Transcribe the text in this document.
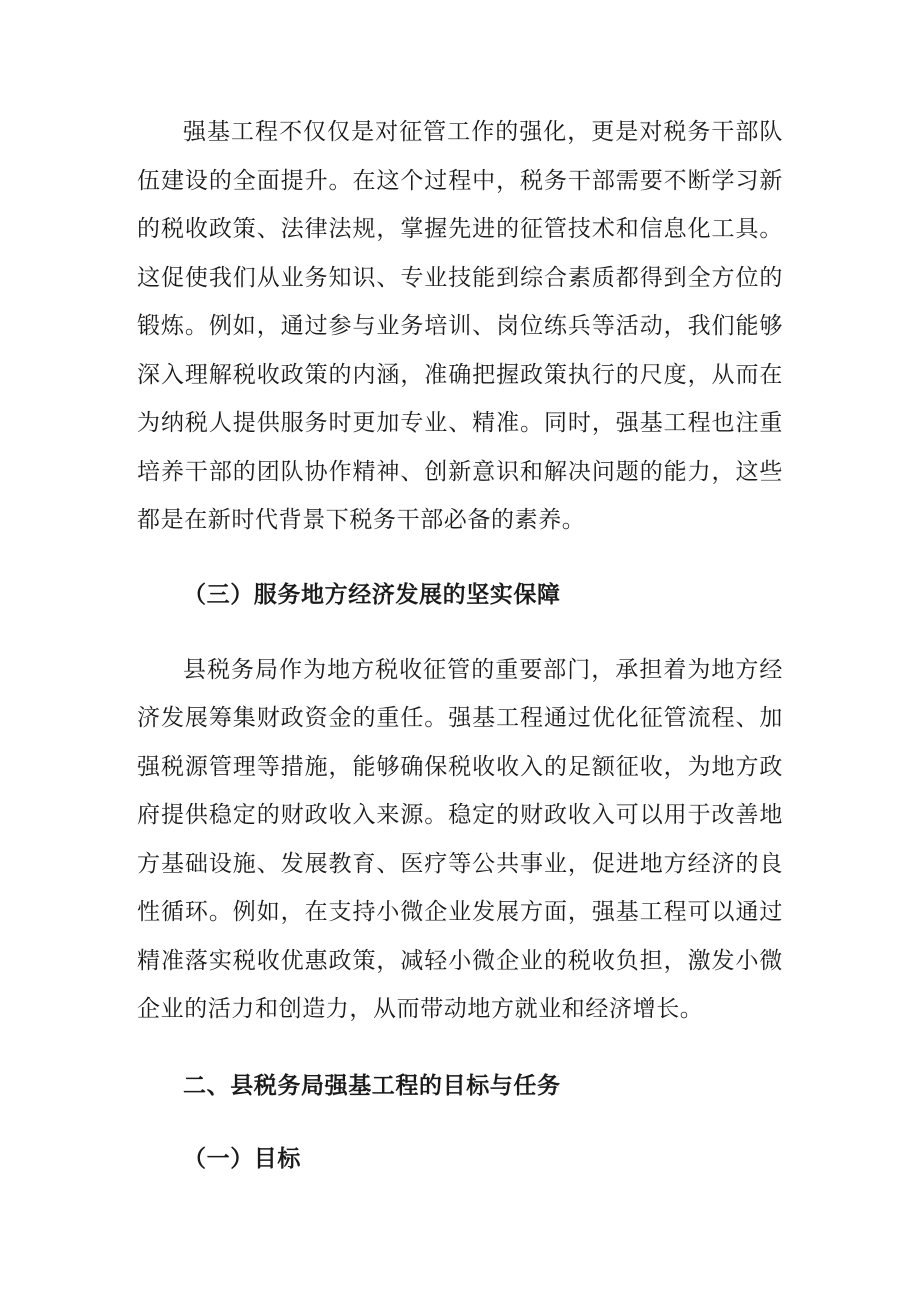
强基工程不仅仅是对征管工作的强化，更是对税务干部队伍建设的全面提升。在这个过程中，税务干部需要不断学习新的税收政策、法律法规，掌握先进的征管技术和信息化工具。这促使我们从业务知识、专业技能到综合素质都得到全方位的锻炼。例如，通过参与业务培训、岗位练兵等活动，我们能够深入理解税收政策的内涵，准确把握政策执行的尺度，从而在为纳税人提供服务时更加专业、精准。同时，强基工程也注重培养干部的团队协作精神、创新意识和解决问题的能力，这些都是在新时代背景下税务干部必备的素养。

（三）服务地方经济发展的坚实保障

县税务局作为地方税收征管的重要部门，承担着为地方经济发展筹集财政资金的重任。强基工程通过优化征管流程、加强税源管理等措施，能够确保税收收入的足额征收，为地方政府提供稳定的财政收入来源。稳定的财政收入可以用于改善地方基础设施、发展教育、医疗等公共事业，促进地方经济的良性循环。例如，在支持小微企业发展方面，强基工程可以通过精准落实税收优惠政策，减轻小微企业的税收负担，激发小微企业的活力和创造力，从而带动地方就业和经济增长。

二、县税务局强基工程的目标与任务

（一）目标
